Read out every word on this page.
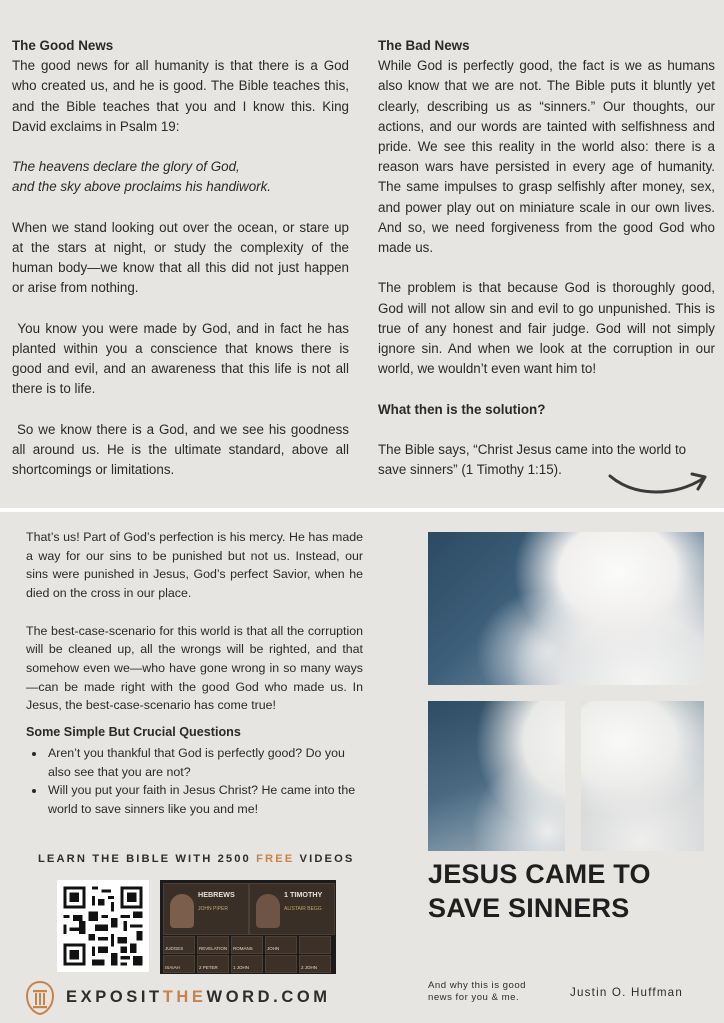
The Good News

The good news for all humanity is that there is a God who created us, and he is good. The Bible teaches this, and the Bible teaches that you and I know this. King David exclaims in Psalm 19:

The heavens declare the glory of God,

and the sky above proclaims his handiwork.

When we stand looking out over the ocean, or stare up at the stars at night, or study the complexity of the human body—we know that all this did not just happen or arise from nothing.

You know you were made by God, and in fact he has planted within you a conscience that knows there is good and evil, and an awareness that this life is not all there is to life.

So we know there is a God, and we see his goodness all around us. He is the ultimate standard, above all shortcomings or limitations.

The Bad News

While God is perfectly good, the fact is we as humans also know that we are not. The Bible puts it bluntly yet clearly, describing us as “sinners.” Our thoughts, our actions, and our words are tainted with selfishness and pride. We see this reality in the world also: there is a reason wars have persisted in every age of humanity. The same impulses to grasp selfishly after money, sex, and power play out on miniature scale in our own lives. And so, we need forgiveness from the good God who made us.

The problem is that because God is thoroughly good, God will not allow sin and evil to go unpunished. This is true of any honest and fair judge. God will not simply ignore sin. And when we look at the corruption in our world, we wouldn’t even want him to!

What then is the solution?

The Bible says, “Christ Jesus came into the world to save sinners” (1 Timothy 1:15).

That’s us! Part of God’s perfection is his mercy. He has made a way for our sins to be punished but not us. Instead, our sins were punished in Jesus, God’s perfect Savior, when he died on the cross in our place.

The best-case-scenario for this world is that all the corruption will be cleaned up, all the wrongs will be righted, and that somehow even we—who have gone wrong in so many ways—can be made right with the good God who made us. In Jesus, the best-case-scenario has come true!

Some Simple But Crucial Questions
• Aren’t you thankful that God is perfectly good? Do you also see that you are not?
• Will you put your faith in Jesus Christ? He came into the world to save sinners like you and me!
LEARN THE BIBLE WITH 2500 FREE VIDEOS
HEBREWS
JOHN PIPER
1 TIMOTHY
ALISTAIR BEGG
JUDGES	REVELATION ROMANS	JOHN
ISAIAH	2 PETER	1 JOHN	2 JOHN
EXPOSITTHEWORD.COM
JESUS CAME TO
SAVE SINNERS
And why this is good
news for you & me.	Justin O. Huffman
